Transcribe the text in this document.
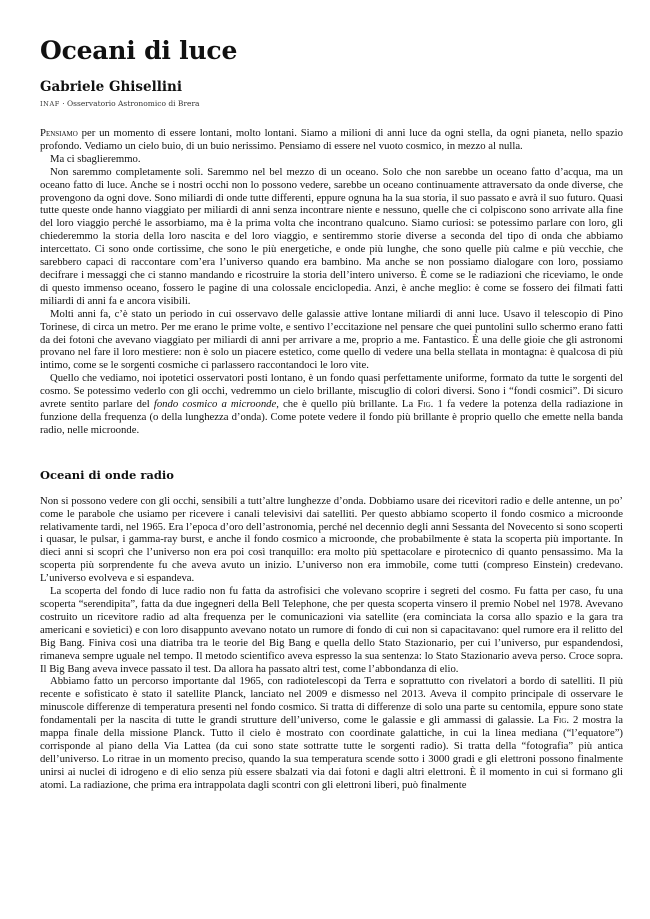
Oceani di luce
Gabriele Ghisellini
INAF · Osservatorio Astronomico di Brera

Pensiamo per un momento di essere lontani, molto lontani. Siamo a milioni di anni luce da ogni stella, da ogni pianeta, nello spazio profondo. Vediamo un cielo buio, di un buio nerissimo. Pensiamo di essere nel vuoto cosmico, in mezzo al nulla.

Ma ci sbaglieremmo.

Non saremmo completamente soli. Saremmo nel bel mezzo di un oceano. Solo che non sarebbe un oceano fatto d’acqua, ma un oceano fatto di luce. Anche se i nostri occhi non lo possono vedere, sarebbe un oceano continuamente attraversato da onde diverse, che provengono da ogni dove. Sono miliardi di onde tutte differenti, eppure ognuna ha la sua storia, il suo passato e avrà il suo futuro. Quasi tutte queste onde hanno viaggiato per miliardi di anni senza incontrare niente e nessuno, quelle che ci colpiscono sono arrivate alla fine del loro viaggio perché le assorbiamo, ma è la prima volta che incontrano qualcuno. Siamo curiosi: se potessimo parlare con loro, gli chiederemmo la storia della loro nascita e del loro viaggio, e sentiremmo storie diverse a seconda del tipo di onda che abbiamo intercettato. Ci sono onde cortissime, che sono le più energetiche, e onde più lunghe, che sono quelle più calme e più vecchie, che sarebbero capaci di raccontare com’era l’universo quando era bambino. Ma anche se non possiamo dialogare con loro, possiamo decifrare i messaggi che ci stanno mandando e ricostruire la storia dell’intero universo. È come se le radiazioni che riceviamo, le onde di questo immenso oceano, fossero le pagine di una colossale enciclopedia. Anzi, è anche meglio: è come se fossero dei filmati fatti miliardi di anni fa e ancora visibili.

Molti anni fa, c’è stato un periodo in cui osservavo delle galassie attive lontane miliardi di anni luce. Usavo il telescopio di Pino Torinese, di circa un metro. Per me erano le prime volte, e sentivo l’eccitazione nel pensare che quei puntolini sullo schermo erano fatti da dei fotoni che avevano viaggiato per miliardi di anni per arrivare a me, proprio a me. Fantastico. È una delle gioie che gli astronomi provano nel fare il loro mestiere: non è solo un piacere estetico, come quello di vedere una bella stellata in montagna: è qualcosa di più intimo, come se le sorgenti cosmiche ci parlassero raccontandoci le loro vite.

Quello che vediamo, noi ipotetici osservatori posti lontano, è un fondo quasi perfettamente uniforme, formato da tutte le sorgenti del cosmo. Se potessimo vederlo con gli occhi, vedremmo un cielo brillante, miscuglio di colori diversi. Sono i “fondi cosmici”. Di sicuro avrete sentito parlare del fondo cosmico a microonde, che è quello più brillante. La Fig. 1 fa vedere la potenza della radiazione in funzione della frequenza (o della lunghezza d’onda). Come potete vedere il fondo più brillante è proprio quello che emette nella banda radio, nelle microonde.

Oceani di onde radio

Non si possono vedere con gli occhi, sensibili a tutt’altre lunghezze d’onda. Dobbiamo usare dei ricevitori radio e delle antenne, un po’ come le parabole che usiamo per ricevere i canali televisivi dai satelliti. Per questo abbiamo scoperto il fondo cosmico a microonde relativamente tardi, nel 1965. Era l’epoca d’oro dell’astronomia, perché nel decennio degli anni Sessanta del Novecento si sono scoperti i quasar, le pulsar, i gamma-ray burst, e anche il fondo cosmico a microonde, che probabilmente è stata la scoperta più importante. In dieci anni si scoprì che l’universo non era poi così tranquillo: era molto più spettacolare e pirotecnico di quanto pensassimo. Ma la scoperta più sorprendente fu che aveva avuto un inizio. L’universo non era immobile, come tutti (compreso Einstein) credevano. L’universo evolveva e si espandeva.

La scoperta del fondo di luce radio non fu fatta da astrofisici che volevano scoprire i segreti del cosmo. Fu fatta per caso, fu una scoperta “serendipita”, fatta da due ingegneri della Bell Telephone, che per questa scoperta vinsero il premio Nobel nel 1978. Avevano costruito un ricevitore radio ad alta frequenza per le comunicazioni via satellite (era cominciata la corsa allo spazio e la gara tra americani e sovietici) e con loro disappunto avevano notato un rumore di fondo di cui non si capacitavano: quel rumore era il relitto del Big Bang. Finiva così una diatriba tra le teorie del Big Bang e quella dello Stato Stazionario, per cui l’universo, pur espandendosi, rimaneva sempre uguale nel tempo. Il metodo scientifico aveva espresso la sua sentenza: lo Stato Stazionario aveva perso. Croce sopra. Il Big Bang aveva invece passato il test. Da allora ha passato altri test, come l’abbondanza di elio.

Abbiamo fatto un percorso importante dal 1965, con radiotelescopi da Terra e soprattutto con rivelatori a bordo di satelliti. Il più recente e sofisticato è stato il satellite Planck, lanciato nel 2009 e dismesso nel 2013. Aveva il compito principale di osservare le minuscole differenze di temperatura presenti nel fondo cosmico. Si tratta di differenze di solo una parte su centomila, eppure sono state fondamentali per la nascita di tutte le grandi strutture dell’universo, come le galassie e gli ammassi di galassie. La Fig. 2 mostra la mappa finale della missione Planck. Tutto il cielo è mostrato con coordinate galattiche, in cui la linea mediana (“l’equatore”) corrisponde al piano della Via Lattea (da cui sono state sottratte tutte le sorgenti radio). Si tratta della “fotografia” più antica dell’universo. Lo ritrae in un momento preciso, quando la sua temperatura scende sotto i 3000 gradi e gli elettroni possono finalmente unirsi ai nuclei di idrogeno e di elio senza più essere sbalzati via dai fotoni e dagli altri elettroni. È il momento in cui si formano gli atomi. La radiazione, che prima era intrappolata dagli scontri con gli elettroni liberi, può finalmente
